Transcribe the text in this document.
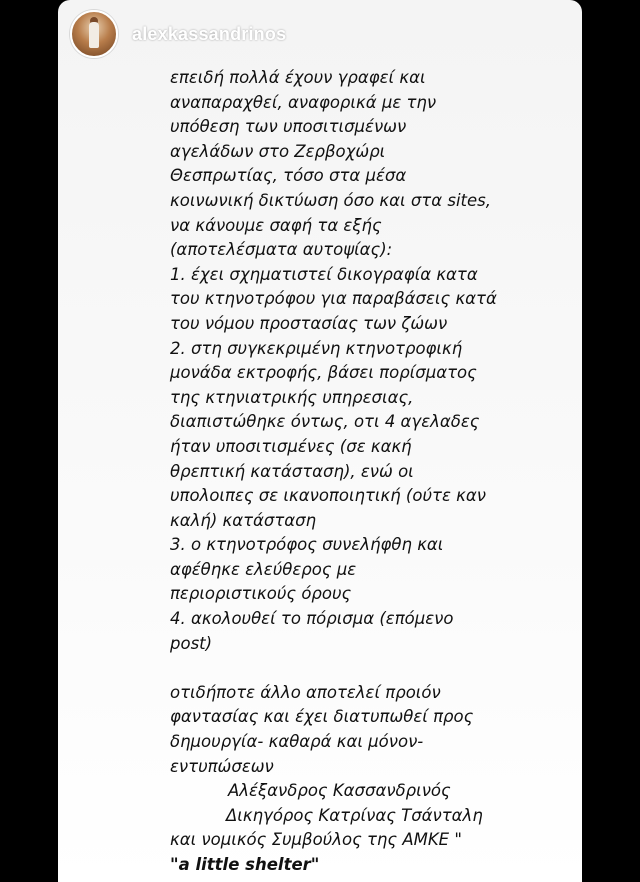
alexkassandrinos
επειδή πολλά έχουν γραφεί και
αναπαραχθεί, αναφορικά με την
υπόθεση των υποσιτισμένων
αγελάδων στο Ζερβοχώρι
Θεσπρωτίας, τόσο στα μέσα
κοινωνική δικτύωση όσο και στα sites,
να κάνουμε σαφή τα εξής
(αποτελέσματα αυτοψίας):
1. έχει σχηματιστεί δικογραφία κατα
του κτηνοτρόφου για παραβάσεις κατά
του νόμου προστασίας των ζώων
2. στη συγκεκριμένη κτηνοτροφική
μονάδα εκτροφής, βάσει πορίσματος
της κτηνιατρικής υπηρεσιας,
διαπιστώθηκε όντως, οτι 4 αγελαδες
ήταν υποσιτισμένες (σε κακή
θρεπτική κατάσταση), ενώ οι
υπολοιπες σε ικανοποιητική (ούτε καν
καλή) κατάσταση
3. ο κτηνοτρόφος συνελήφθη και
αφέθηκε ελεύθερος με
περιοριστικούς όρους
4. ακολουθεί το πόρισμα (επόμενο
post)
οτιδήποτε άλλο αποτελεί προιόν
φαντασίας και έχει διατυπωθεί προς
δημουργία- καθαρά και μόνον-
εντυπώσεων
Αλέξανδρος Κασσανδρινός
Δικηγόρος Κατρίνας Τσάνταλη
και νομικός Συμβούλος της ΑΜΚΕ "
"a little shelter"
